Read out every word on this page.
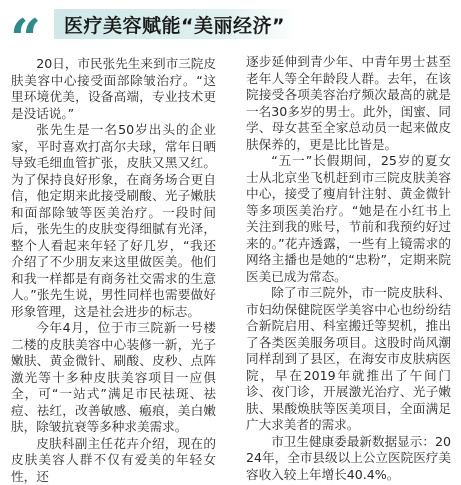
“	医疗美容赋能“美丽经济”

20日，市民张先生来到市三院皮肤美容中心接受面部除皱治疗。“这里环境优美，设备高端，专业技术更是没话说。”

张先生是一名50岁出头的企业家，平时喜欢打高尔夫球，常年日晒导致毛细血管扩张，皮肤又黑又红。为了保持良好形象，在商务场合更自信，他定期来此接受刷酸、光子嫩肤和面部除皱等医美治疗。一段时间后，张先生的皮肤变得细腻有光泽，整个人看起来年轻了好几岁，“我还介绍了不少朋友来这里做医美。他们和我一样都是有商务社交需求的生意人。”张先生说，男性同样也需要做好形象管理，这是社会进步的标志。

今年4月，位于市三院新一号楼二楼的皮肤美容中心装修一新，光子嫩肤、黄金微针、刷酸、皮秒、点阵激光等十多种皮肤美容项目一应俱全，可“一站式”满足市民祛斑、祛痘、祛红，改善敏感、瘢痕，美白嫩肤，除皱抗衰等多种求美需求。

皮肤科副主任花卉介绍，现在的皮肤美容人群不仅有爱美的年轻女性，还

逐步延伸到青少年、中青年男士甚至老年人等全年龄段人群。去年，在该院接受各项美容治疗频次最高的就是一名30多岁的男士。此外，闺蜜、同学、母女甚至全家总动员一起来做皮肤保养的，更是比比皆是。

“五一”长假期间，25岁的夏女士从北京坐飞机赶到市三院皮肤美容中心，接受了瘦肩针注射、黄金微针等多项医美治疗。“她是在小红书上关注到我的账号，节前和我预约好过来的。”花卉透露，一些有上镜需求的网络主播也是她的“忠粉”，定期来院医美已成为常态。

除了市三院外，市一院皮肤科、市妇幼保健院医学美容中心也纷纷结合新院启用、科室搬迁等契机，推出了各类医美服务项目。这股时尚风潮同样刮到了县区，在海安市皮肤病医院，早在2019年就推出了午间门诊、夜门诊，开展激光治疗、光子嫩肤、果酸焕肤等医美项目，全面满足广大求美者的需求。

市卫生健康委最新数据显示：2024年，全市县级以上公立医院医疗美容收入较上年增长40.4%。
